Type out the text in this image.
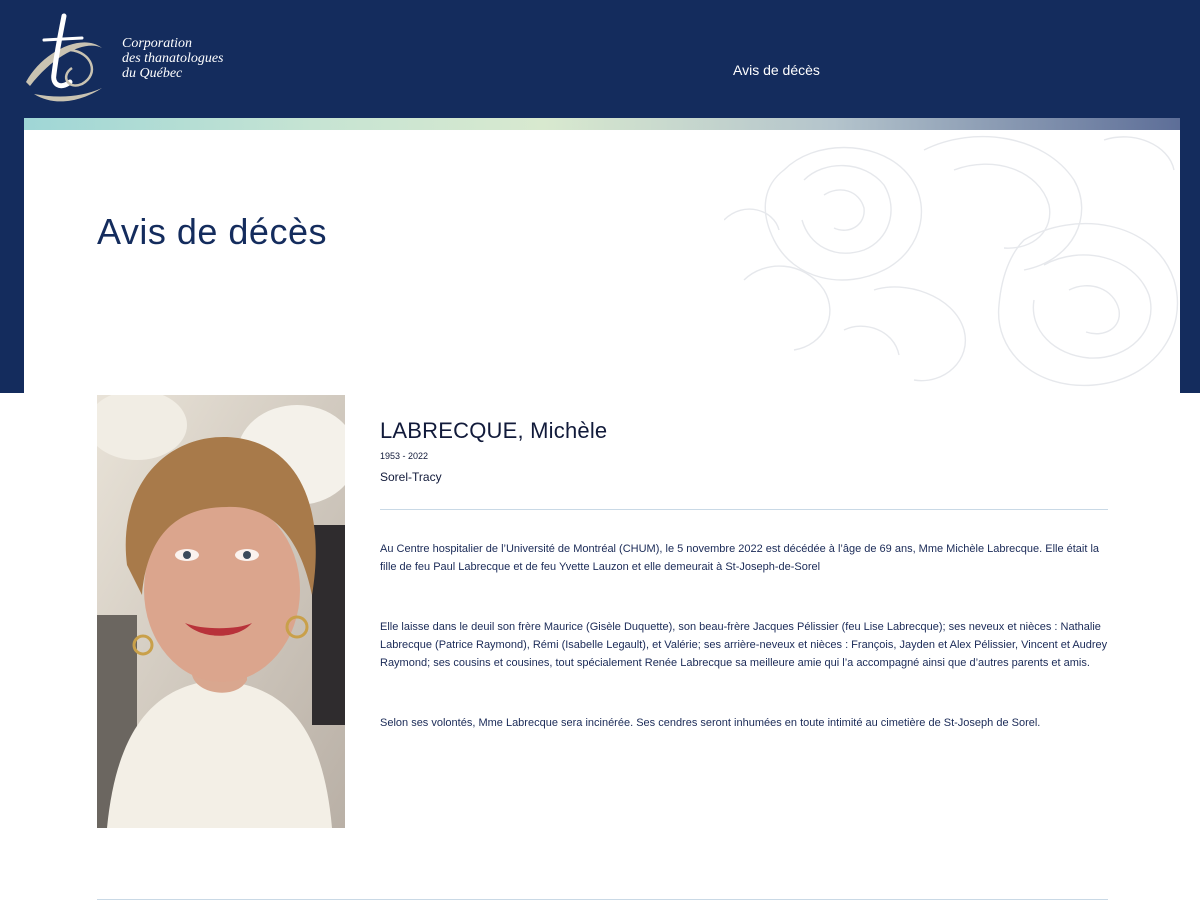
Corporation
des thanatologues
du Québec	Avis de décès
Avis de décès
LABRECQUE, Michèle
1953 - 2022
Sorel-Tracy

Au Centre hospitalier de l’Université de Montréal (CHUM), le 5 novembre 2022 est décédée à l’âge de 69 ans, Mme Michèle Labrecque. Elle était la fille de feu Paul Labrecque et de feu Yvette Lauzon et elle demeurait à St-Joseph-de-Sorel

Elle laisse dans le deuil son frère Maurice (Gisèle Duquette), son beau-frère Jacques Pélissier (feu Lise Labrecque); ses neveux et nièces : Nathalie Labrecque (Patrice Raymond), Rémi (Isabelle Legault), et Valérie; ses arrière-neveux et nièces : François, Jayden et Alex Pélissier, Vincent et Audrey Raymond; ses cousins et cousines, tout spécialement Renée Labrecque sa meilleure amie qui l’a accompagné ainsi que d’autres parents et amis.

Selon ses volontés, Mme Labrecque sera incinérée. Ses cendres seront inhumées en toute intimité au cimetière de St-Joseph de Sorel.
